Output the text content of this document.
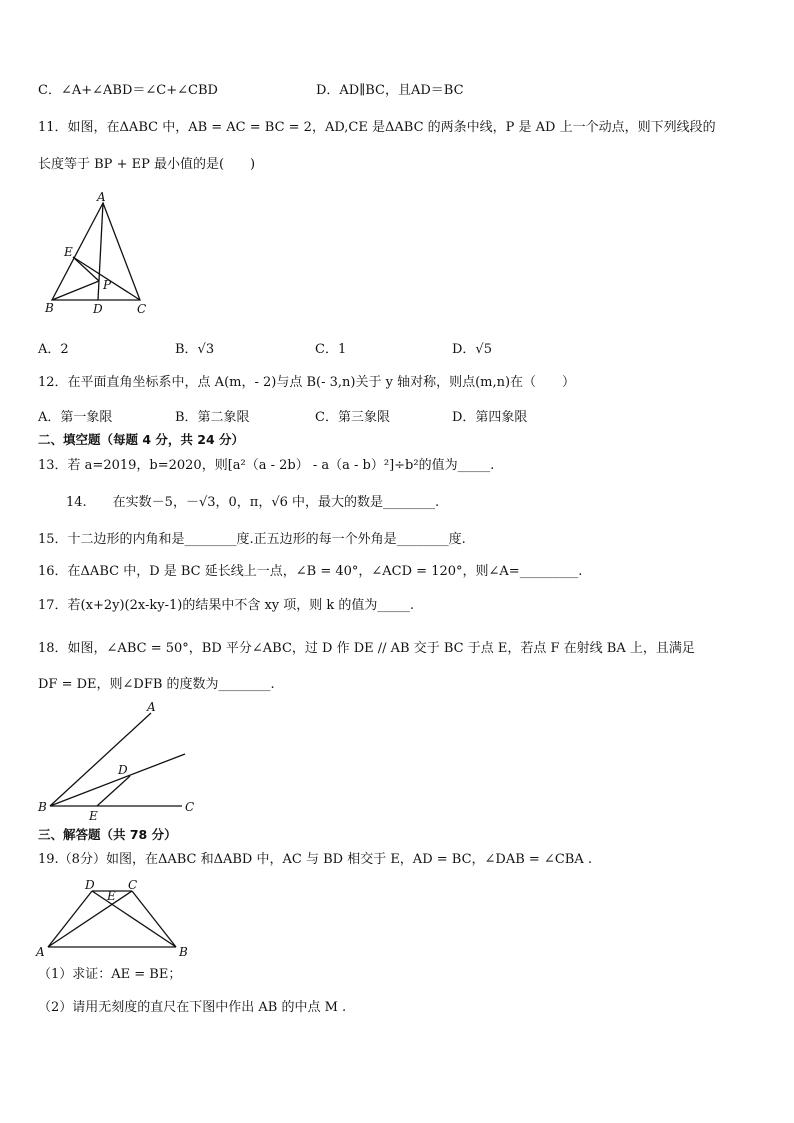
C．∠A+∠ABD＝∠C+∠CBD	D．AD∥BC，且AD＝BC
11．如图，在ΔABC 中，AB = AC = BC = 2，AD,CE 是ΔABC 的两条中线，P 是 AD 上一个动点，则下列线段的
长度等于 BP + EP 最小值的是(　　)
A
E
P
B	D	C
A．2	B．√3	C．1	D．√5
12．在平面直角坐标系中，点 A(m，- 2)与点 B(- 3,n)关于 y 轴对称，则点(m,n)在（　　）
A．第一象限	B．第二象限	C．第三象限	D．第四象限
二、填空题（每题 4 分，共 24 分）
13．若 a=2019，b=2020，则[a²（a - 2b） - a（a - b）²]÷b²的值为_____.
14.　　在实数－5，－√3，0，π，√6 中，最大的数是________.
15．十二边形的内角和是________度.正五边形的每一个外角是________度.
16．在ΔABC 中，D 是 BC 延长线上一点，∠B = 40°，∠ACD = 120°，则∠A=_________.
17．若(x+2y)(2x-ky-1)的结果中不含 xy 项，则 k 的值为_____.
18．如图，∠ABC = 50°，BD 平分∠ABC，过 D 作 DE // AB 交于 BC 于点 E，若点 F 在射线 BA 上，且满足
DF = DE，则∠DFB 的度数为________.
A
D
B
E
C
三、解答题（共 78 分）
19.（8分）如图，在ΔABC 和ΔABD 中，AC 与 BD 相交于 E，AD = BC，∠DAB = ∠CBA .
D
E
C
A	B
（1）求证：AE = BE；
（2）请用无刻度的直尺在下图中作出 AB 的中点 M .
